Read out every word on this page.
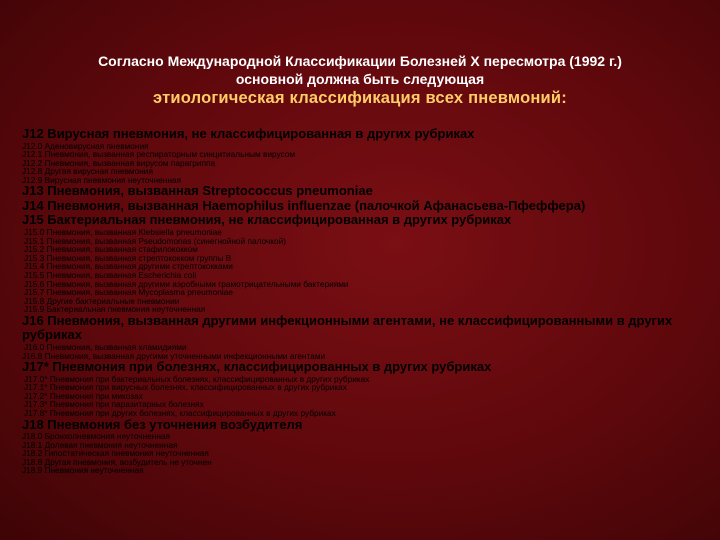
Согласно Международной Классификации Болезней X пересмотра (1992 г.)
основной должна быть следующая
этиологическая классификация всех пневмоний:
J12 Вирусная пневмония, не классифицированная в других рубриках
J12.0 Аденовирусная пневмония
J12.1 Пневмония, вызванная респираторным синцитиальным вирусом
J12.2 Пневмония, вызванная вирусом парагриппа
J12.8 Другая вирусная пневмония
J12.9 Вирусная пневмония неуточненная
J13 Пневмония, вызванная Streptococcus pneumoniae
J14 Пневмония, вызванная Haemophilus influenzae (палочкой Афанасьева-Пфеффера)
J15 Бактериальная пневмония, не классифицированная в других рубриках
J15.0 Пневмония, вызванная Klebsiella pneumoniae
J15.1 Пневмония, вызванная Pseudomonas (синегнойной палочкой)
J15.2 Пневмония, вызванная стафилококком
J15.3 Пневмония, вызванная стрептококком группы В
J15.4 Пневмония, вызванная другими стрептококками
J15.5 Пневмония, вызванная Escherichia coli
J15.6 Пневмония, вызванная другими аэробными грамотрицательными бактериями
J15.7 Пневмония, вызванная Mycoplasma pneumoniae
J15.8 Другие бактериальные пневмонии
J15.9 Бактериальная пневмония неуточненная
J16 Пневмония, вызванная другими инфекционными агентами, не классифицированными в других рубриках
J16.0 Пневмония, вызванная хламидиями
J16.8 Пневмония, вызванная другими уточненными инфекционными агентами
J17* Пневмония при болезнях, классифицированных в других рубриках
J17.0* Пневмония при бактериальных болезнях, классифицированных в других рубриках
J17.1* Пневмония при вирусных болезнях, классифицированных в других рубриках
J17.2* Пневмония при микозах
J17.3* Пневмония при паразитарных болезнях
J17.8* Пневмония при других болезнях, классифицированных в других рубриках
J18 Пневмония без уточнения возбудителя
J18.0 Бронхопневмония неуточненная
J18.1 Долевая пневмония неуточненная
J18.2 Гипостатическая пневмония неуточненная
J18.8 Другая пневмония, возбудитель не уточнен
J18.9 Пневмония неуточненная
